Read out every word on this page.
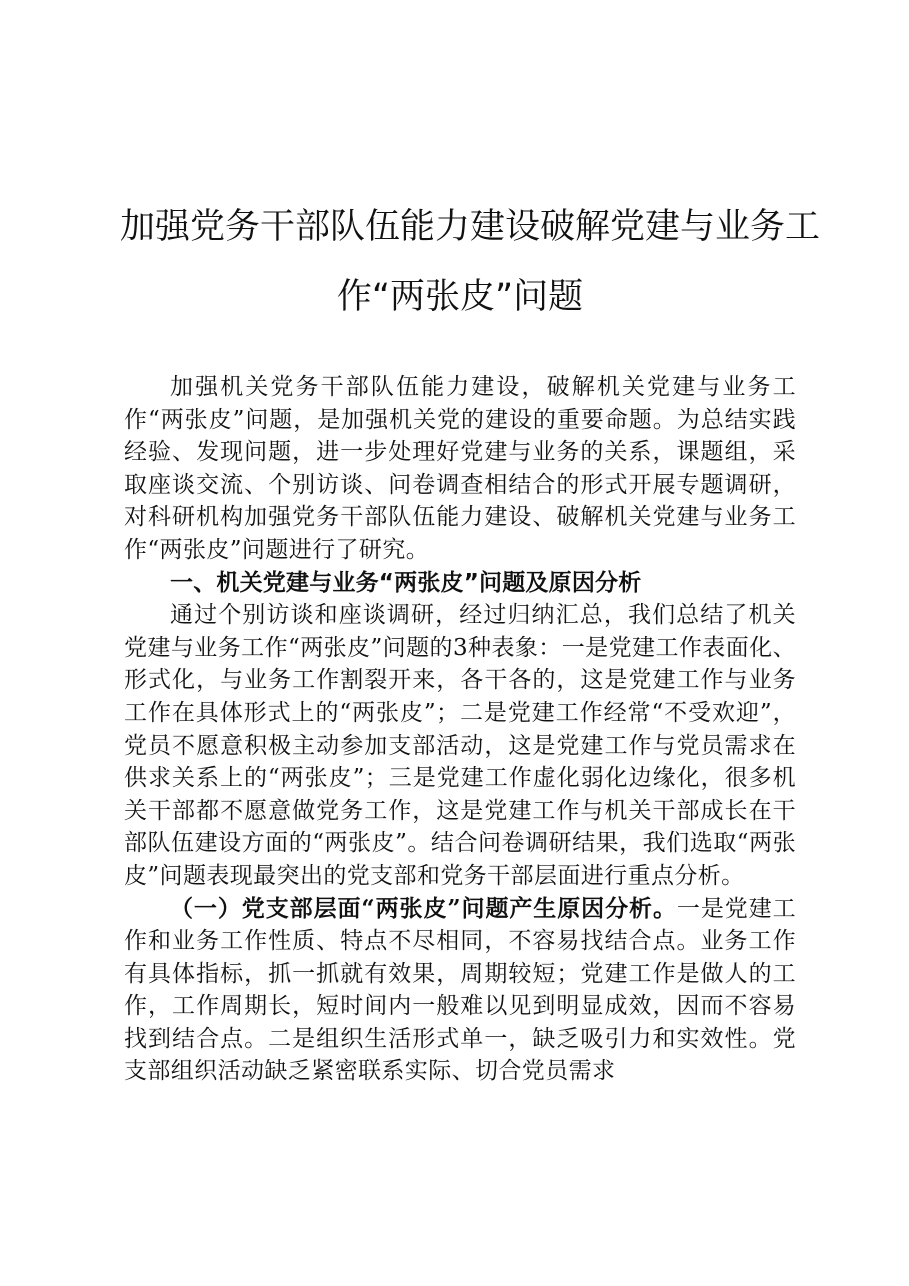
加强党务干部队伍能力建设破解党建与业务工
作“两张皮”问题

加强机关党务干部队伍能力建设，破解机关党建与业务工作“两张皮”问题，是加强机关党的建设的重要命题。为总结实践经验、发现问题，进一步处理好党建与业务的关系，课题组，采取座谈交流、个别访谈、问卷调查相结合的形式开展专题调研，对科研机构加强党务干部队伍能力建设、破解机关党建与业务工作“两张皮”问题进行了研究。

一、机关党建与业务“两张皮”问题及原因分析

通过个别访谈和座谈调研，经过归纳汇总，我们总结了机关党建与业务工作“两张皮”问题的3种表象：一是党建工作表面化、形式化，与业务工作割裂开来，各干各的，这是党建工作与业务工作在具体形式上的“两张皮”；二是党建工作经常“不受欢迎”，党员不愿意积极主动参加支部活动，这是党建工作与党员需求在供求关系上的“两张皮”；三是党建工作虚化弱化边缘化，很多机关干部都不愿意做党务工作，这是党建工作与机关干部成长在干部队伍建设方面的“两张皮”。结合问卷调研结果，我们选取“两张皮”问题表现最突出的党支部和党务干部层面进行重点分析。

（一）党支部层面“两张皮”问题产生原因分析。一是党建工作和业务工作性质、特点不尽相同，不容易找结合点。业务工作有具体指标，抓一抓就有效果，周期较短；党建工作是做人的工作，工作周期长，短时间内一般难以见到明显成效，因而不容易找到结合点。二是组织生活形式单一，缺乏吸引力和实效性。党支部组织活动缺乏紧密联系实际、切合党员需求
